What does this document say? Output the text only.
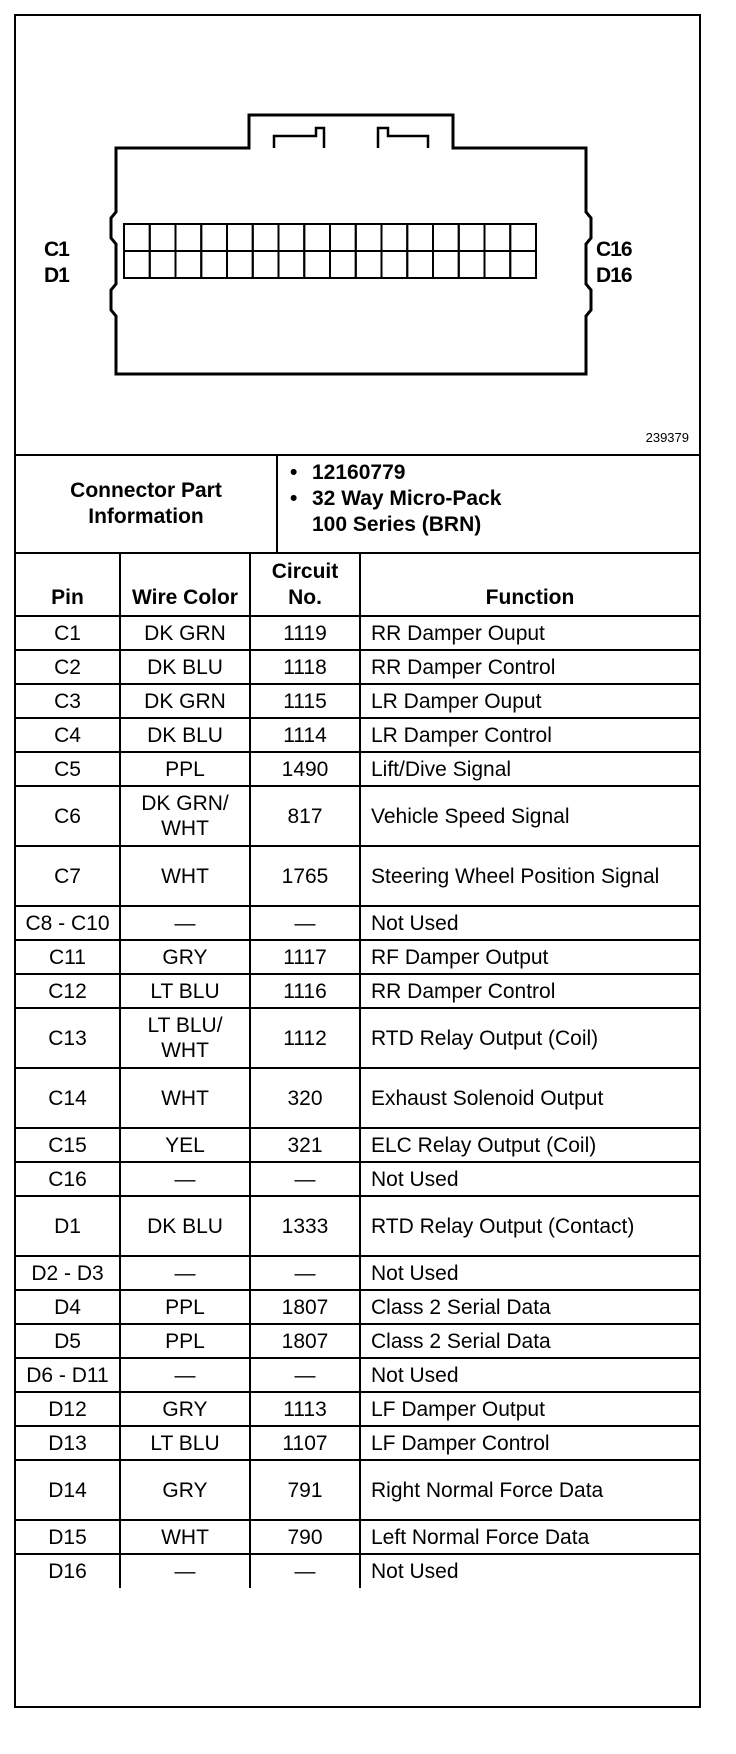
C1
D1
C16
D16
239379
Connector Part Information
• 12160779
• 32 Way Micro-Pack
100 Series (BRN)
Pin	Wire Color	Circuit No.	Function
C1	DK GRN	1119	RR Damper Ouput
C2	DK BLU	1118	RR Damper Control
C3	DK GRN	1115	LR Damper Ouput
C4	DK BLU	1114	LR Damper Control
C5	PPL	1490	Lift/Dive Signal
C6	DK GRN/ WHT	817	Vehicle Speed Signal
C7	WHT	1765	Steering Wheel Position Signal
C8 - C10	—	—	Not Used
C11	GRY	1117	RF Damper Output
C12	LT BLU	1116	RR Damper Control
C13	LT BLU/ WHT	1112	RTD Relay Output (Coil)
C14	WHT	320	Exhaust Solenoid Output
C15	YEL	321	ELC Relay Output (Coil)
C16	—	—	Not Used
D1	DK BLU	1333	RTD Relay Output (Contact)
D2 - D3	—	—	Not Used
D4	PPL	1807	Class 2 Serial Data
D5	PPL	1807	Class 2 Serial Data
D6 - D11	—	—	Not Used
D12	GRY	1113	LF Damper Output
D13	LT BLU	1107	LF Damper Control
D14	GRY	791	Right Normal Force Data
D15	WHT	790	Left Normal Force Data
D16	—	—	Not Used
